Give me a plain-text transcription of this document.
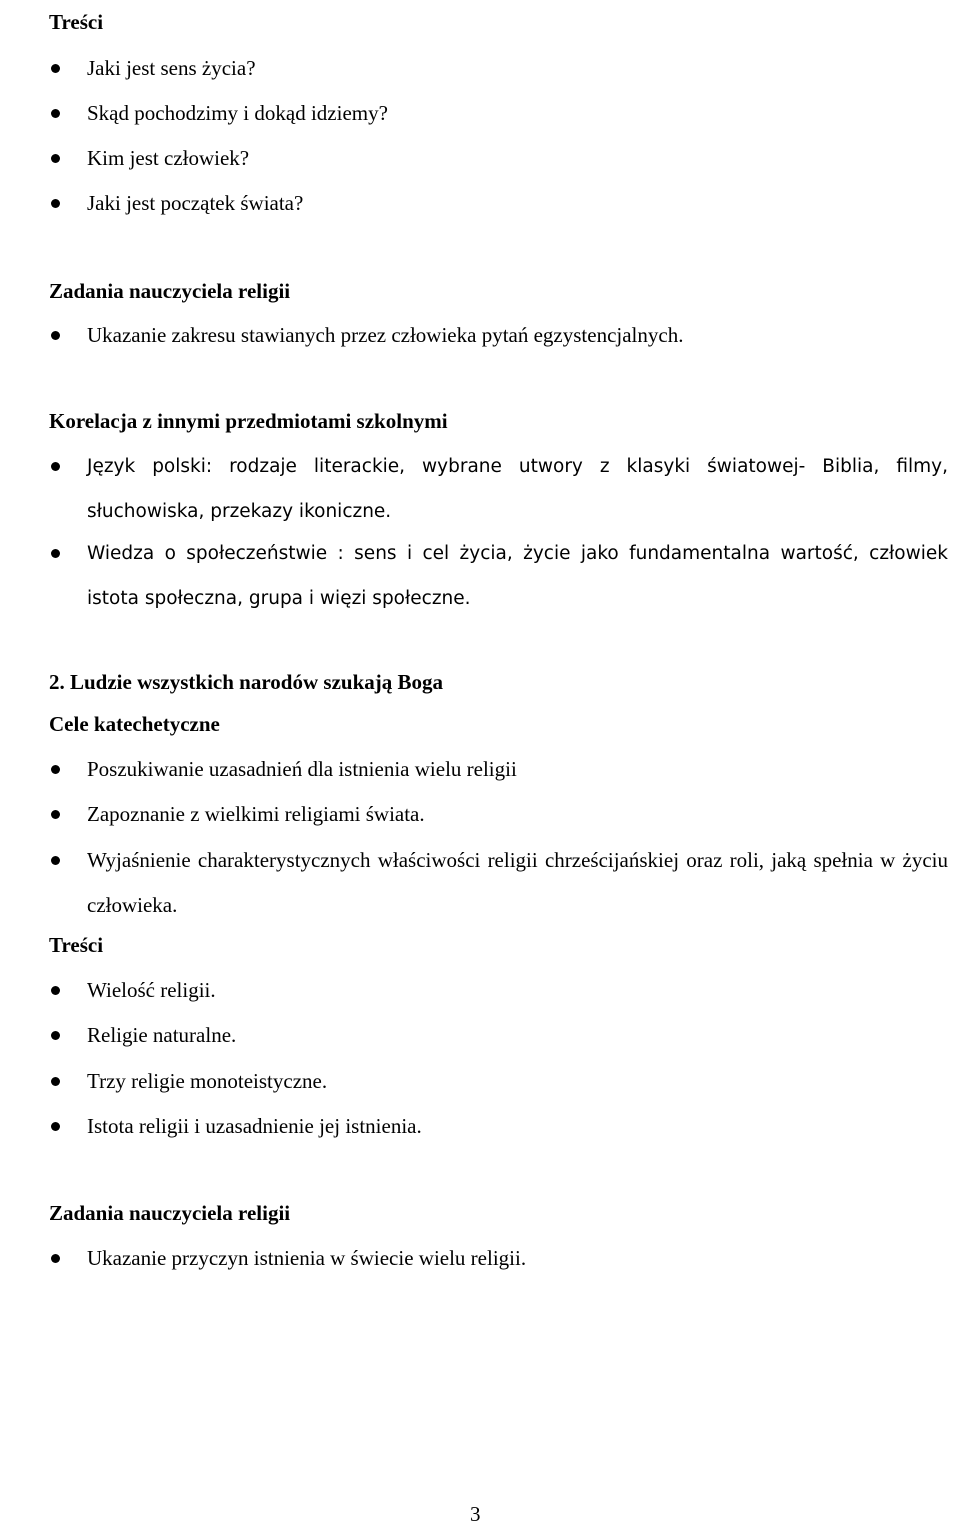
Treści
Jaki jest sens życia?
Skąd pochodzimy i dokąd idziemy?
Kim jest człowiek?
Jaki jest początek świata?
Zadania nauczyciela religii
Ukazanie zakresu stawianych przez człowieka pytań egzystencjalnych.
Korelacja z innymi przedmiotami szkolnymi
Język polski: rodzaje literackie, wybrane utwory z klasyki światowej- Biblia, filmy, słuchowiska, przekazy ikoniczne.
Wiedza o społeczeństwie : sens i cel życia, życie jako fundamentalna wartość, człowiek istota społeczna, grupa i więzi społeczne.
2. Ludzie wszystkich narodów szukają Boga
Cele katechetyczne
Poszukiwanie uzasadnień dla istnienia wielu religii
Zapoznanie z wielkimi religiami świata.
Wyjaśnienie charakterystycznych właściwości religii chrześcijańskiej oraz roli, jaką spełnia w życiu człowieka.
Treści
Wielość religii.
Religie naturalne.
Trzy religie monoteistyczne.
Istota religii i uzasadnienie jej istnienia.
Zadania nauczyciela religii
Ukazanie przyczyn istnienia w świecie wielu religii.
3
